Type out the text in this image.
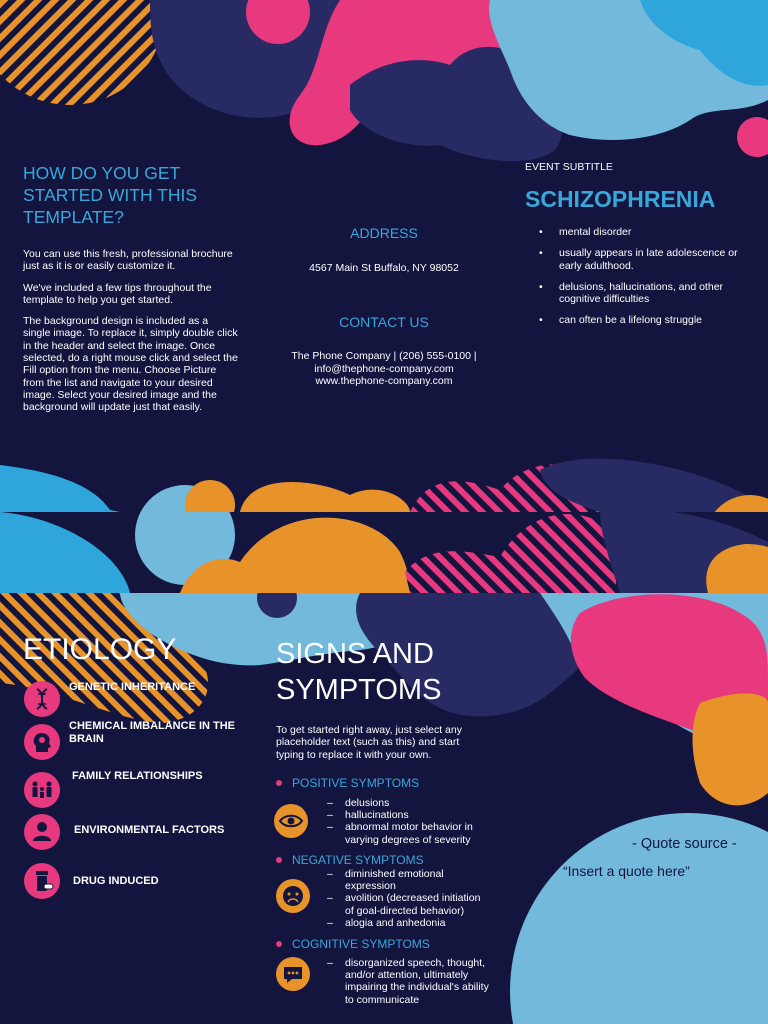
HOW DO YOU GET STARTED WITH THIS TEMPLATE?

You can use this fresh, professional brochure just as it is or easily customize it.

We've included a few tips throughout the template to help you get started.

The background design is included as a single image. To replace it, simply double click in the header and select the image. Once selected, do a right mouse click and select the Fill option from the menu. Choose Picture from the list and navigate to your desired image. Select your desired image and the background will update just that easily.

ADDRESS
4567 Main St Buffalo, NY 98052
CONTACT US
The Phone Company | (206) 555-0100 |
info@thephone-company.com
www.thephone-company.com
EVENT SUBTITLE
SCHIZOPHRENIA
• mental disorder
• usually appears in late adolescence or early adulthood.
• delusions, hallucinations, and other cognitive difficulties
• can often be a lifelong struggle
ETIOLOGY
GENETIC INHERITANCE
CHEMICAL IMBALANCE IN THE BRAIN
FAMILY RELATIONSHIPS
ENVIRONMENTAL FACTORS
DRUG INDUCED
SIGNS AND
SYMPTOMS
To get started right away, just select any placeholder text (such as this) and start typing to replace it with your own.
POSITIVE SYMPTOMS
– delusions
– hallucinations
– abnormal motor behavior in varying degrees of severity
NEGATIVE SYMPTOMS
– diminished emotional expression
– avolition (decreased initiation of goal-directed behavior)
– alogia and anhedonia
COGNITIVE SYMPTOMS
– disorganized speech, thought, and/or attention, ultimately impairing the individual's ability to communicate
- Quote source -
“Insert a quote here”
